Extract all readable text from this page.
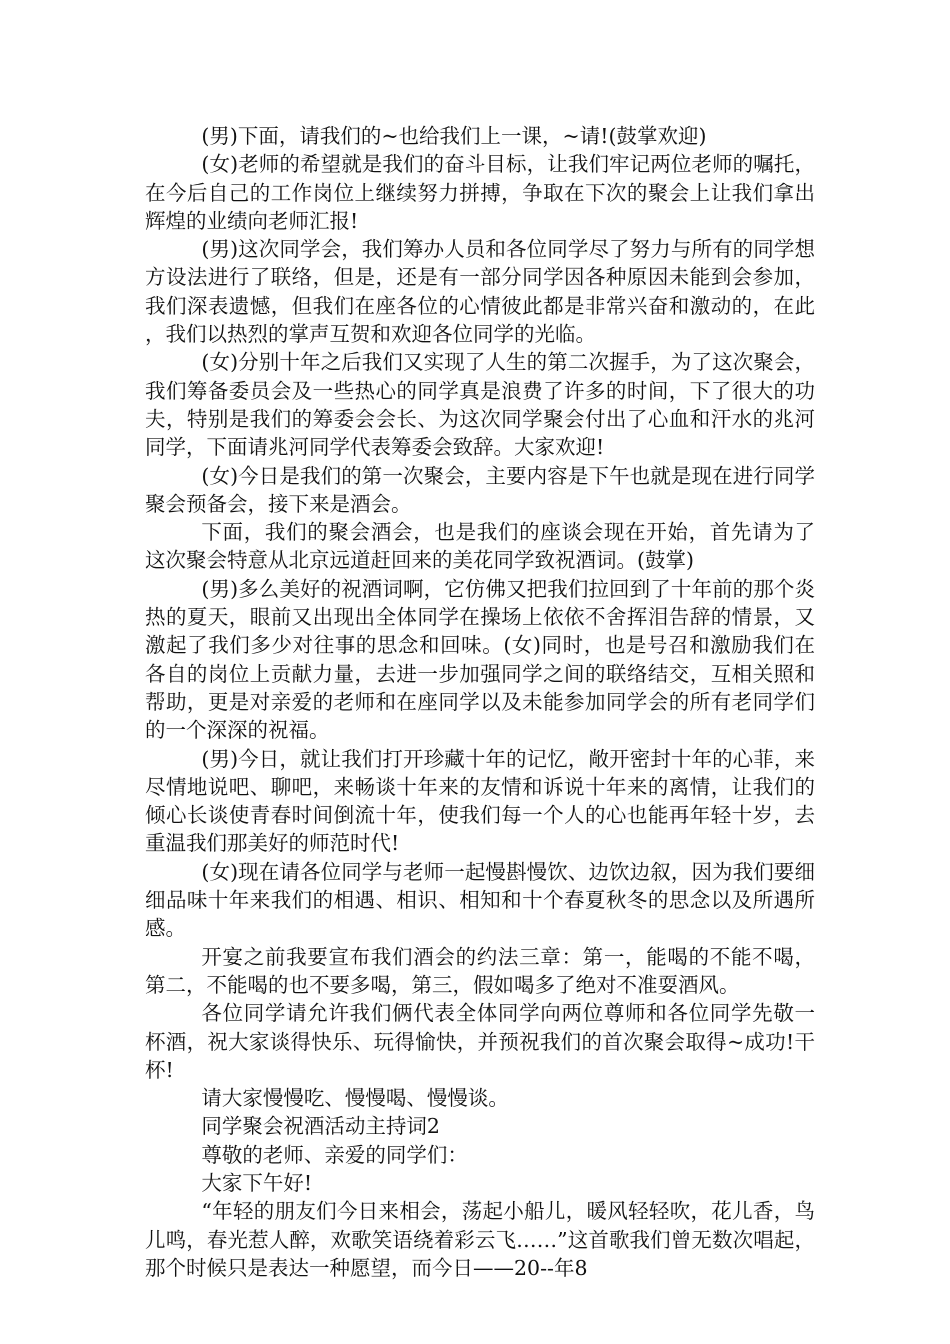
(男)下面，请我们的~也给我们上一课，~请!(鼓掌欢迎)

(女)老师的希望就是我们的奋斗目标，让我们牢记两位老师的嘱托，在今后自己的工作岗位上继续努力拼搏，争取在下次的聚会上让我们拿出辉煌的业绩向老师汇报!

(男)这次同学会，我们筹办人员和各位同学尽了努力与所有的同学想方设法进行了联络，但是，还是有一部分同学因各种原因未能到会参加，我们深表遗憾，但我们在座各位的心情彼此都是非常兴奋和激动的，在此，我们以热烈的掌声互贺和欢迎各位同学的光临。

(女)分别十年之后我们又实现了人生的第二次握手，为了这次聚会，我们筹备委员会及一些热心的同学真是浪费了许多的时间，下了很大的功夫，特别是我们的筹委会会长、为这次同学聚会付出了心血和汗水的兆河同学，下面请兆河同学代表筹委会致辞。大家欢迎!

(女)今日是我们的第一次聚会，主要内容是下午也就是现在进行同学聚会预备会，接下来是酒会。

下面，我们的聚会酒会，也是我们的座谈会现在开始，首先请为了这次聚会特意从北京远道赶回来的美花同学致祝酒词。(鼓掌)

(男)多么美好的祝酒词啊，它仿佛又把我们拉回到了十年前的那个炎热的夏天，眼前又出现出全体同学在操场上依依不舍挥泪告辞的情景，又激起了我们多少对往事的思念和回味。(女)同时，也是号召和激励我们在各自的岗位上贡献力量，去进一步加强同学之间的联络结交，互相关照和帮助，更是对亲爱的老师和在座同学以及未能参加同学会的所有老同学们的一个深深的祝福。

(男)今日，就让我们打开珍藏十年的记忆，敞开密封十年的心菲，来尽情地说吧、聊吧，来畅谈十年来的友情和诉说十年来的离情，让我们的倾心长谈使青春时间倒流十年，使我们每一个人的心也能再年轻十岁，去重温我们那美好的师范时代!

(女)现在请各位同学与老师一起慢斟慢饮、边饮边叙，因为我们要细细品味十年来我们的相遇、相识、相知和十个春夏秋冬的思念以及所遇所感。

开宴之前我要宣布我们酒会的约法三章：第一，能喝的不能不喝，第二，不能喝的也不要多喝，第三，假如喝多了绝对不准耍酒风。

各位同学请允许我们俩代表全体同学向两位尊师和各位同学先敬一杯酒，祝大家谈得快乐、玩得愉快，并预祝我们的首次聚会取得~成功!干杯!

请大家慢慢吃、慢慢喝、慢慢谈。

同学聚会祝酒活动主持词2

尊敬的老师、亲爱的同学们：

大家下午好!

“年轻的朋友们今日来相会，荡起小船儿，暖风轻轻吹，花儿香，鸟儿鸣，春光惹人醉，欢歌笑语绕着彩云飞……”这首歌我们曾无数次唱起，那个时候只是表达一种愿望，而今日——20--年8
